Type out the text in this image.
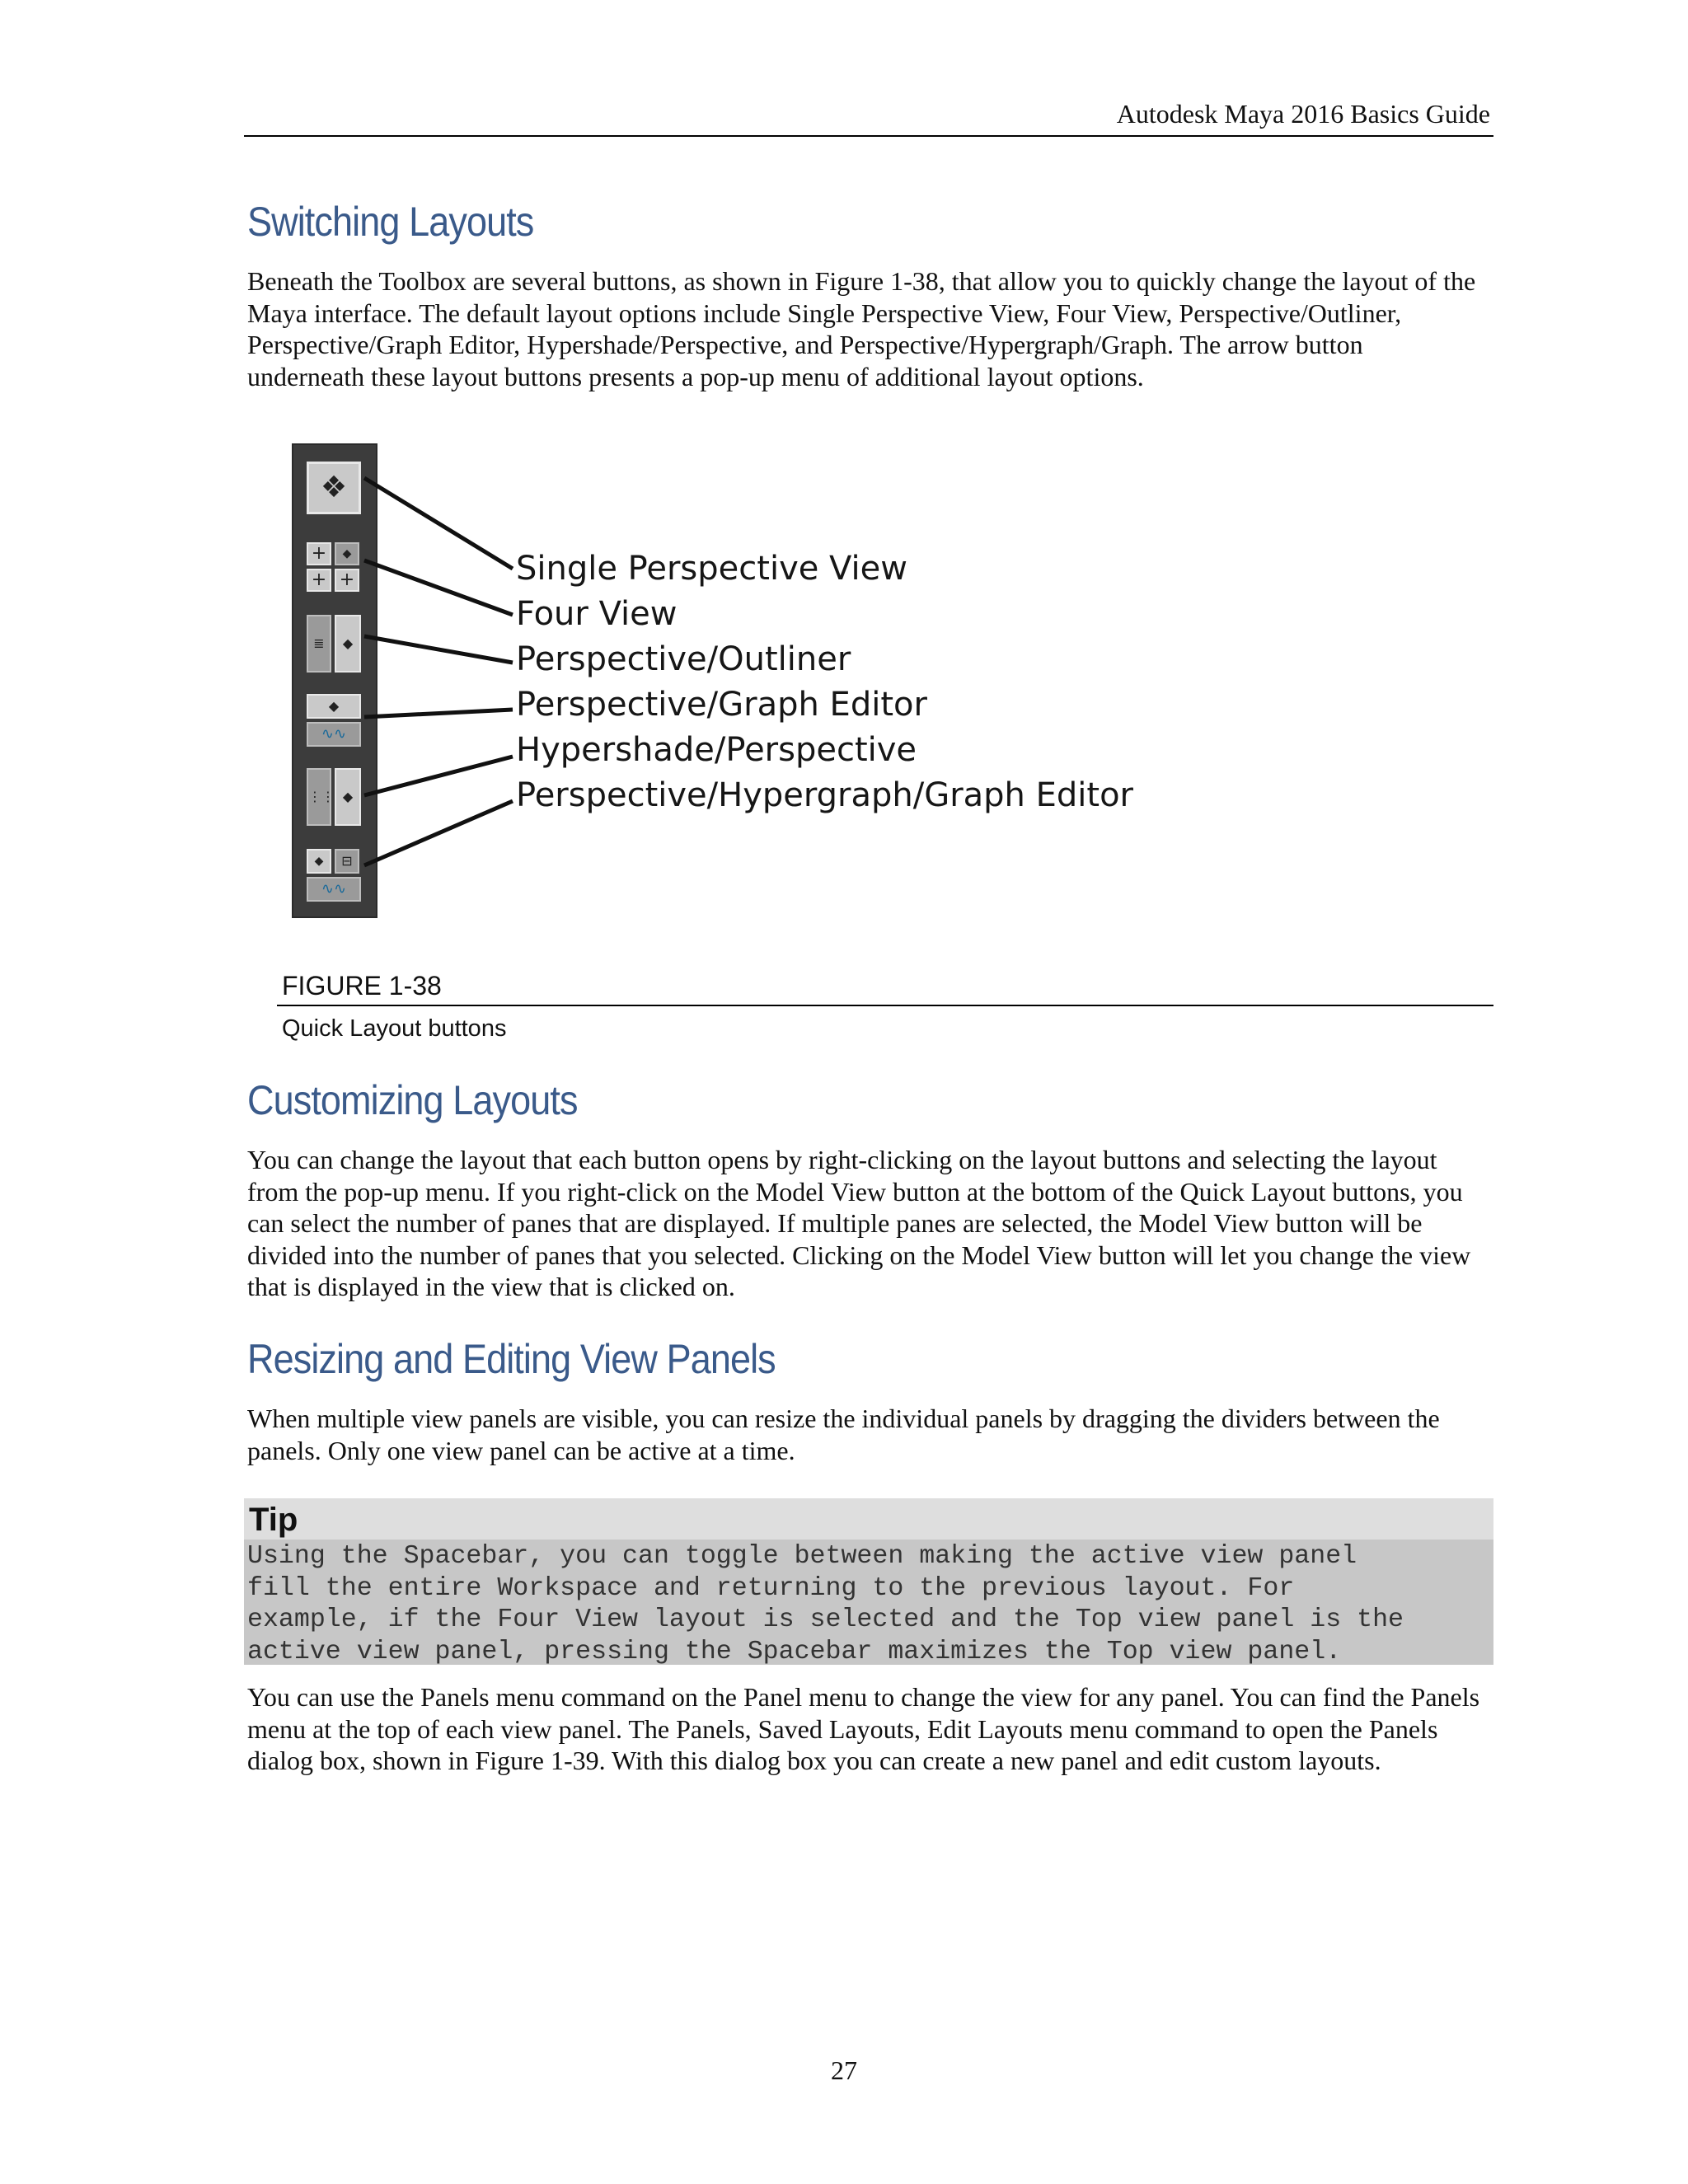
Autodesk Maya 2016 Basics Guide
Switching Layouts

Beneath the Toolbox are several buttons, as shown in Figure 1-38, that allow you to quickly change the layout of the Maya interface. The default layout options include Single Perspective View, Four View, Perspective/Outliner, Perspective/Graph Editor, Hypershade/Perspective, and Perspective/Hypergraph/Graph. The arrow button underneath these layout buttons presents a pop-up menu of additional layout options.

❖
+	◆
+ +
≣	◆
◆
∿∿
⋮⋮ ◆
◆	⊟
∿∿
Single Perspective View
Four View
Perspective/Outliner
Perspective/Graph Editor
Hypershade/Perspective
Perspective/Hypergraph/Graph Editor
FIGURE 1-38
Quick Layout buttons
Customizing Layouts

You can change the layout that each button opens by right-clicking on the layout buttons and selecting the layout from the pop-up menu. If you right-click on the Model View button at the bottom of the Quick Layout buttons, you can select the number of panes that are displayed. If multiple panes are selected, the Model View button will be divided into the number of panes that you selected. Clicking on the Model View button will let you change the view that is displayed in the view that is clicked on.

Resizing and Editing View Panels

When multiple view panels are visible, you can resize the individual panels by dragging the dividers between the panels. Only one view panel can be active at a time.

Tip
Using the Spacebar, you can toggle between making the active view panel
fill the entire Workspace and returning to the previous layout. For
example, if the Four View layout is selected and the Top view panel is the
active view panel, pressing the Spacebar maximizes the Top view panel.

You can use the Panels menu command on the Panel menu to change the view for any panel. You can find the Panels menu at the top of each view panel. The Panels, Saved Layouts, Edit Layouts menu command to open the Panels dialog box, shown in Figure 1-39. With this dialog box you can create a new panel and edit custom layouts.

27
